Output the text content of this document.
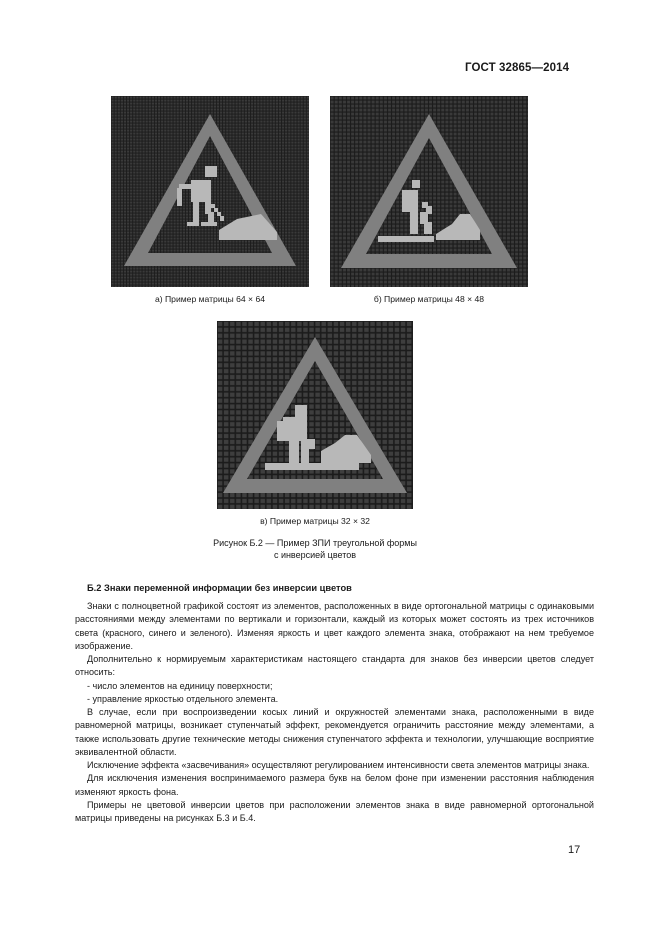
ГОСТ 32865—2014
а) Пример матрицы 64 × 64	б) Пример матрицы 48 × 48
в) Пример матрицы 32 × 32
Рисунок Б.2 — Пример ЗПИ треугольной формы
с инверсией цветов
Б.2 Знаки переменной информации без инверсии цветов

Знаки с полноцветной графикой состоят из элементов, расположенных в виде ортогональной матрицы с одинаковыми расстояниями между элементами по вертикали и горизонтали, каждый из которых может состоять из трех источников света (красного, синего и зеленого). Изменяя яркость и цвет каждого элемента знака, отображают на нем требуемое изображение.

Дополнительно к нормируемым характеристикам настоящего стандарта для знаков без инверсии цветов следует относить:

- число элементов на единицу поверхности;

- управление яркостью отдельного элемента.

В случае, если при воспроизведении косых линий и окружностей элементами знака, расположенными в виде равномерной матрицы, возникает ступенчатый эффект, рекомендуется ограничить расстояние между элементами, а также использовать другие технические методы снижения ступенчатого эффекта и технологии, улучшающие восприятие эквивалентной области.

Исключение эффекта «засвечивания» осуществляют регулированием интенсивности света элементов матрицы знака.

Для исключения изменения воспринимаемого размера букв на белом фоне при изменении расстояния наблюдения изменяют яркость фона.

Примеры не цветовой инверсии цветов при расположении элементов знака в виде равномерной ортогональной матрицы приведены на рисунках Б.3 и Б.4.

17
